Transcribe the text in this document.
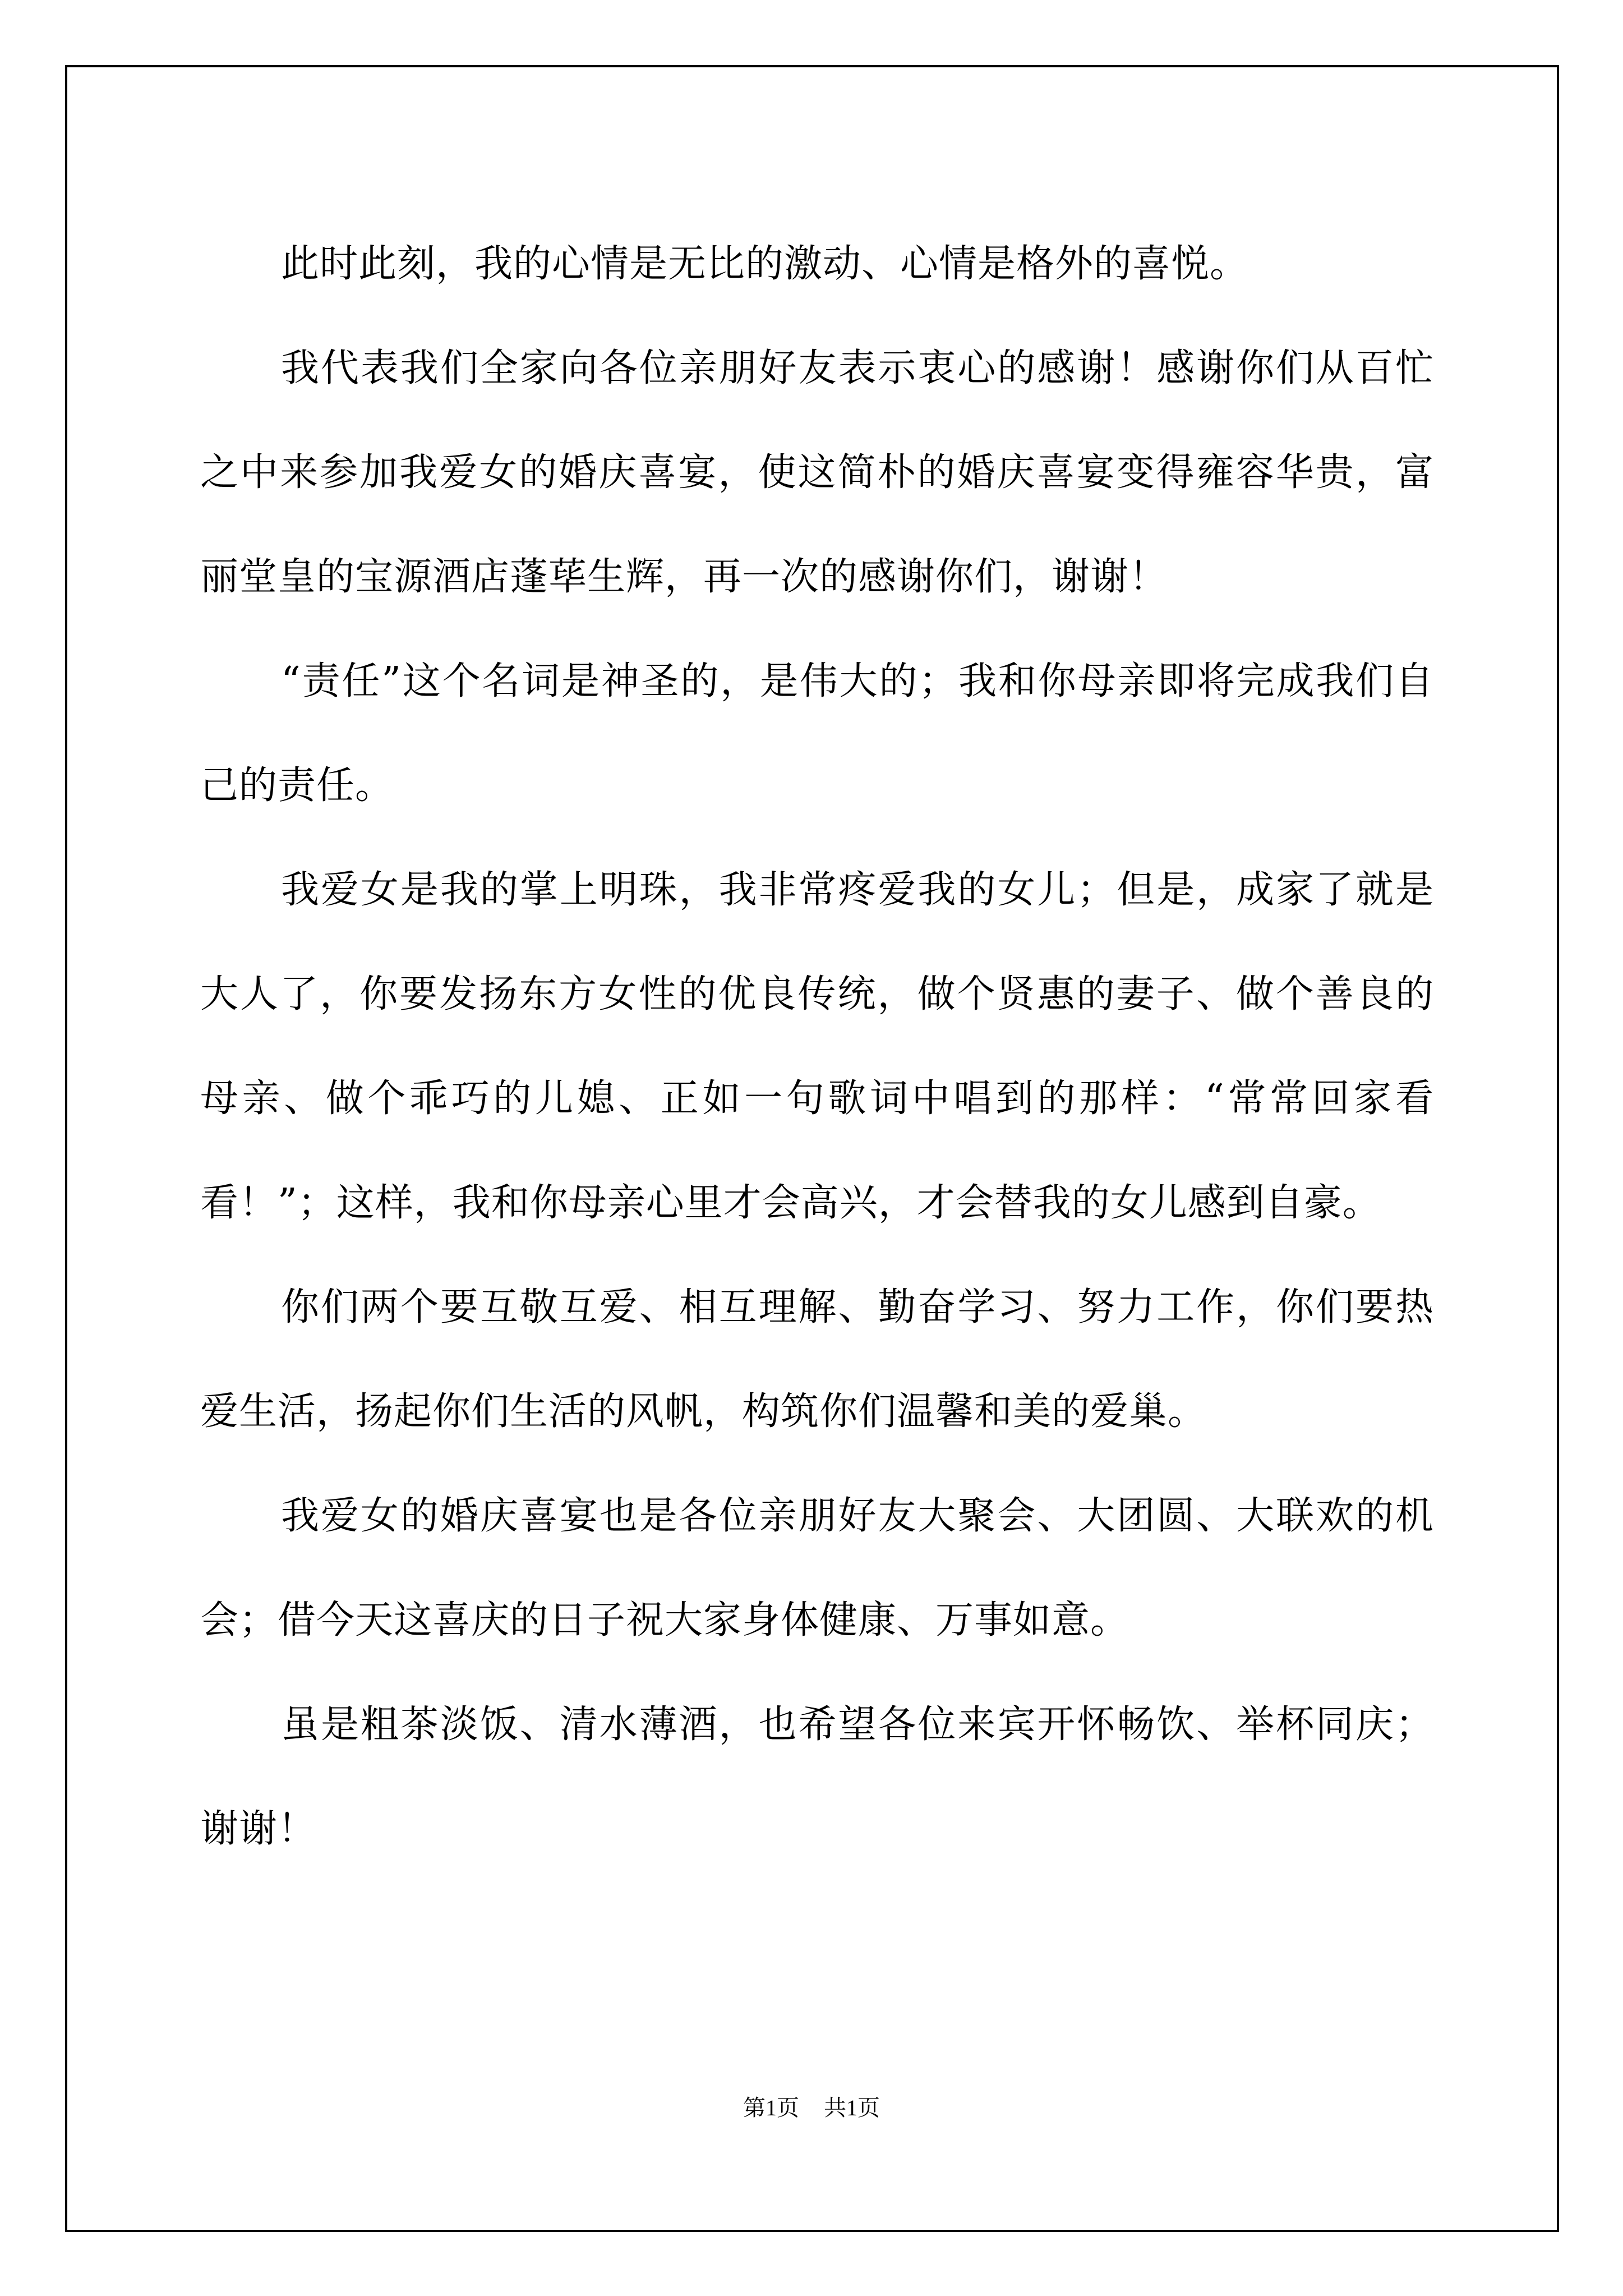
此时此刻，我的心情是无比的激动、心情是格外的喜悦。

我代表我们全家向各位亲朋好友表示衷心的感谢！感谢你们从百忙之中来参加我爱女的婚庆喜宴，使这简朴的婚庆喜宴变得雍容华贵，富丽堂皇的宝源酒店蓬荜生辉，再一次的感谢你们，谢谢！

“责任”这个名词是神圣的，是伟大的；我和你母亲即将完成我们自己的责任。

我爱女是我的掌上明珠，我非常疼爱我的女儿；但是，成家了就是大人了，你要发扬东方女性的优良传统，做个贤惠的妻子、做个善良的母亲、做个乖巧的儿媳、正如一句歌词中唱到的那样：“常常回家看看！”；这样，我和你母亲心里才会高兴，才会替我的女儿感到自豪。

你们两个要互敬互爱、相互理解、勤奋学习、努力工作，你们要热爱生活，扬起你们生活的风帆，构筑你们温馨和美的爱巢。

我爱女的婚庆喜宴也是各位亲朋好友大聚会、大团圆、大联欢的机会；借今天这喜庆的日子祝大家身体健康、万事如意。

虽是粗茶淡饭、清水薄酒，也希望各位来宾开怀畅饮、举杯同庆；谢谢！

第1页 共1页
